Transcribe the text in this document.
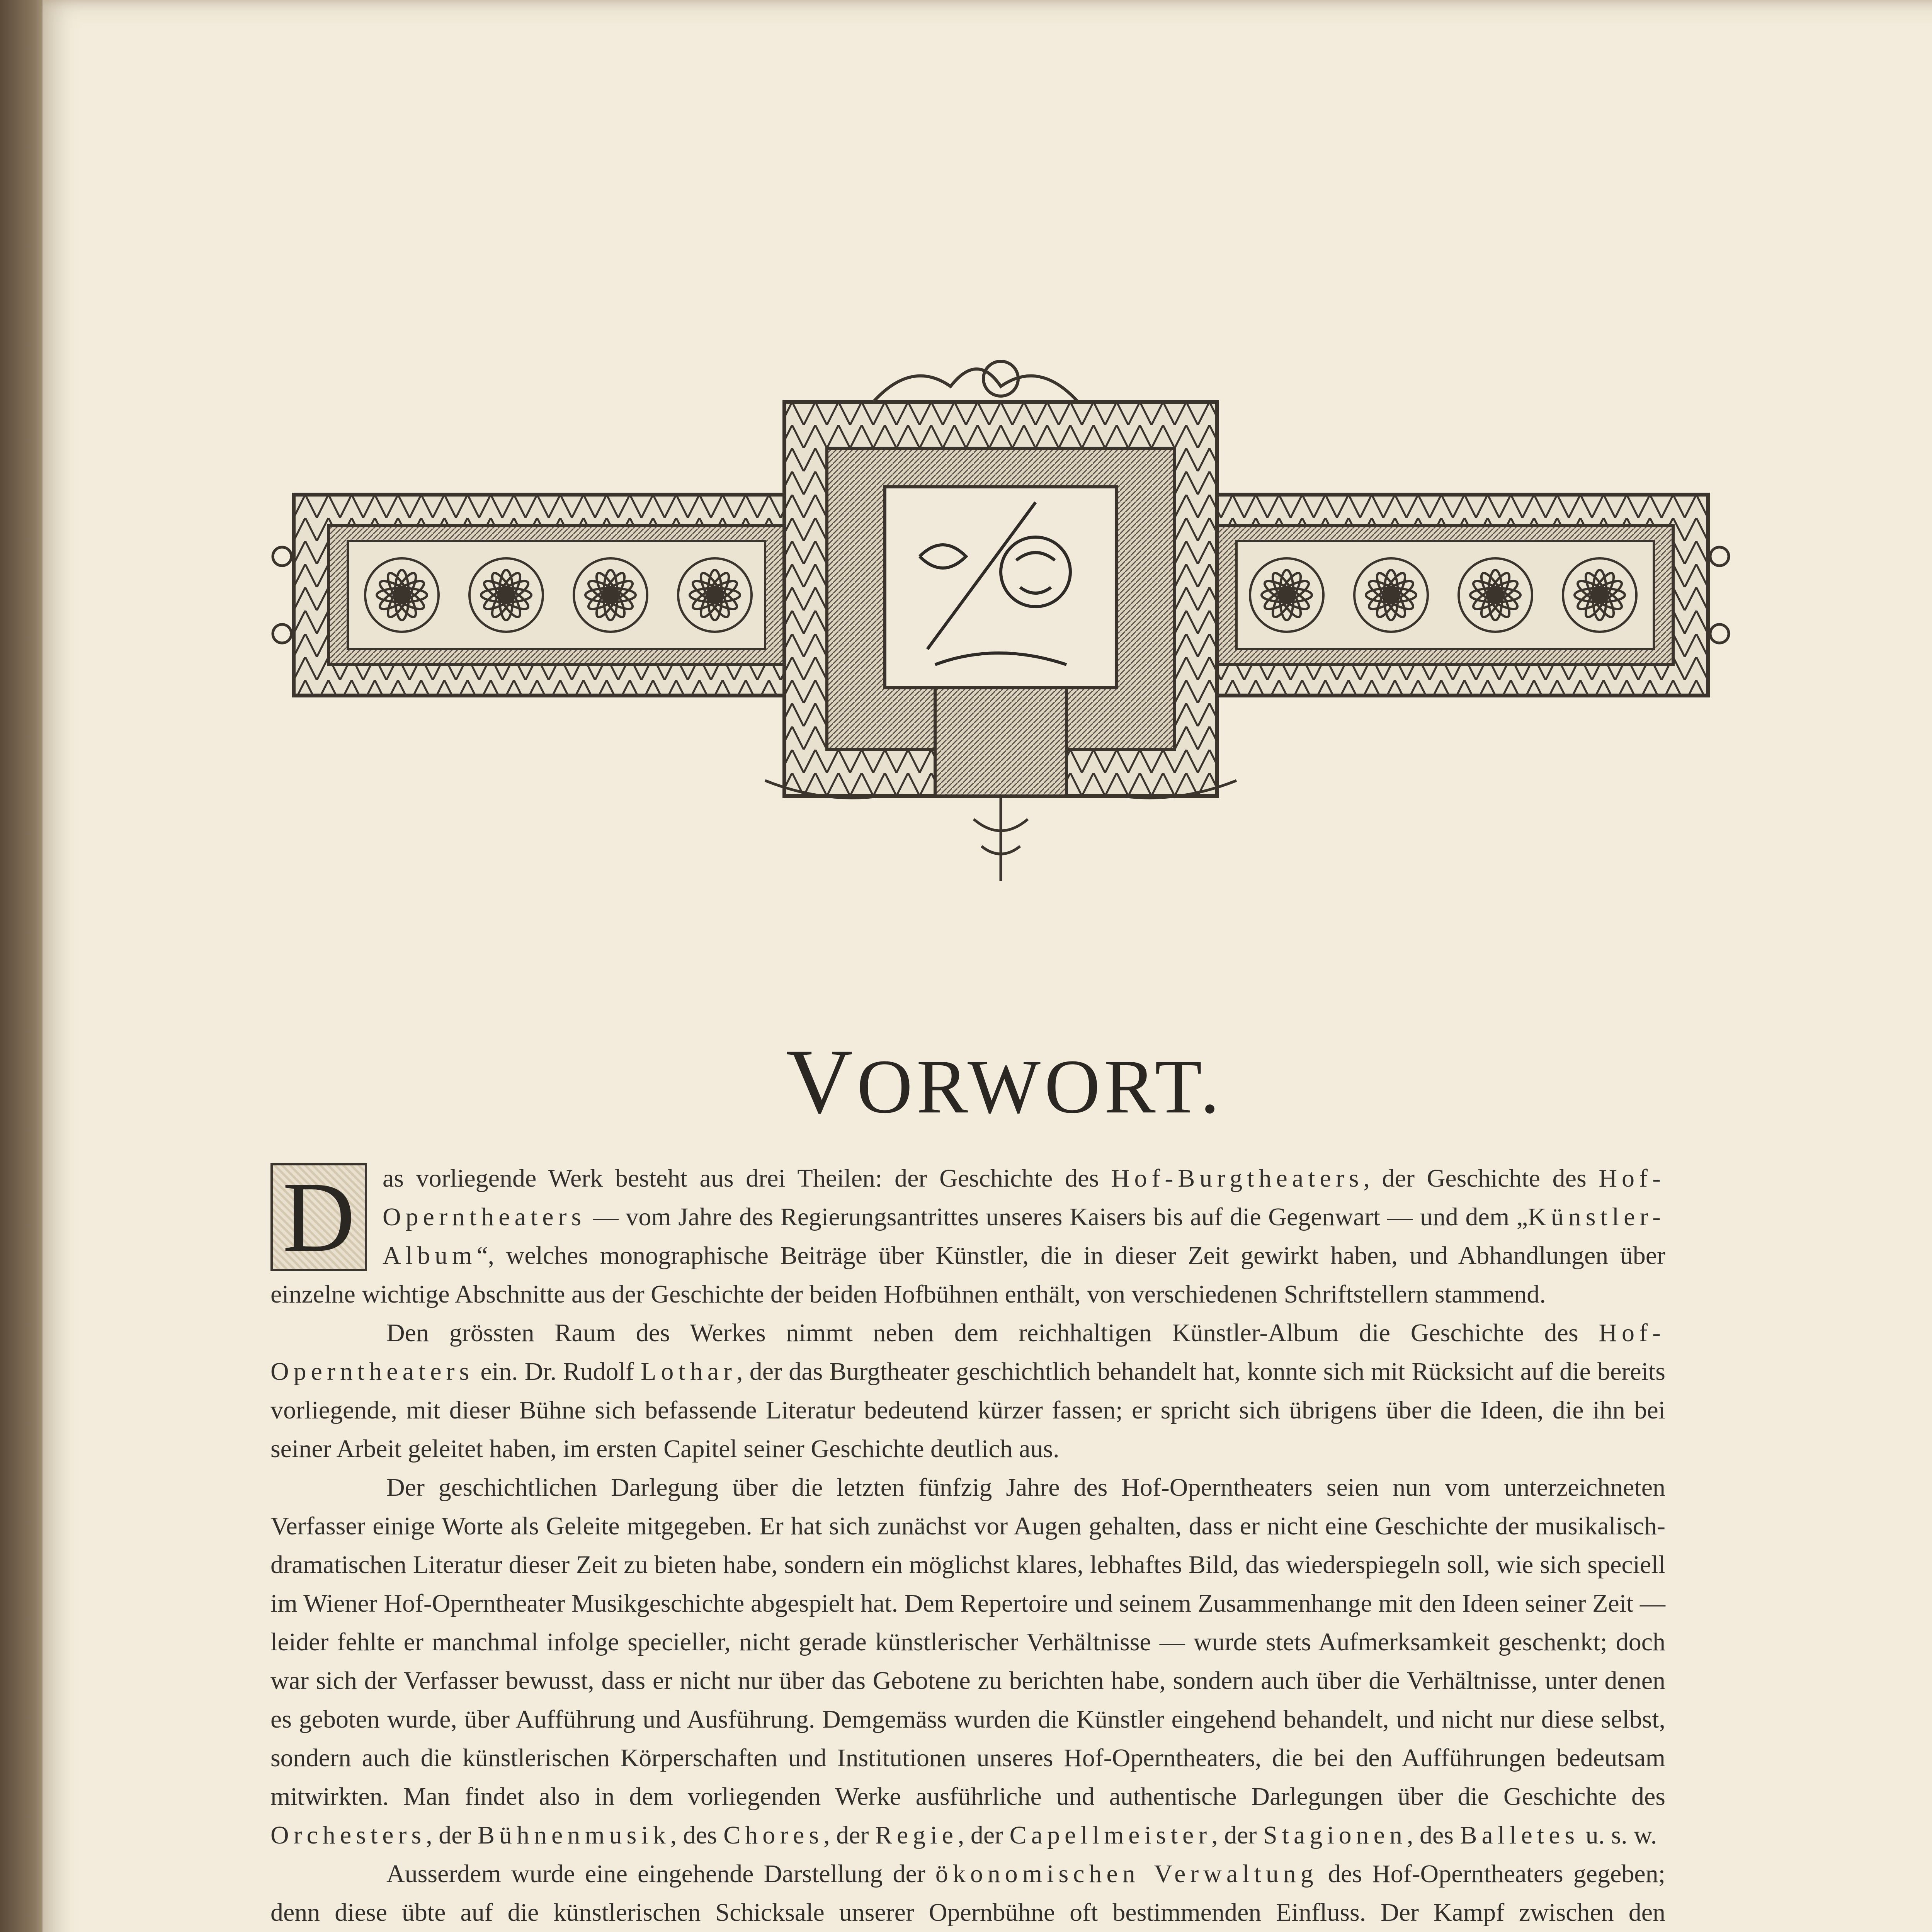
VORWORT.

D	as vorliegende Werk besteht aus drei Theilen: der Geschichte des Hof-Burgtheaters, der Geschichte des Hof-Operntheaters — vom Jahre des Regierungsantrittes unseres Kaisers bis auf die Gegenwart — und dem „Künstler-Album“, welches monographische Beiträge über Künstler, die in dieser Zeit gewirkt haben, und Abhandlungen über einzelne wichtige Abschnitte aus der Geschichte der beiden Hofbühnen enthält, von verschiedenen Schriftstellern stammend.

Den grössten Raum des Werkes nimmt neben dem reichhaltigen Künstler-Album die Geschichte des Hof-Operntheaters ein. Dr. Rudolf Lothar, der das Burgtheater geschichtlich behandelt hat, konnte sich mit Rücksicht auf die bereits vorliegende, mit dieser Bühne sich befassende Literatur bedeutend kürzer fassen; er spricht sich übrigens über die Ideen, die ihn bei seiner Arbeit geleitet haben, im ersten Capitel seiner Geschichte deutlich aus.

Der geschichtlichen Darlegung über die letzten fünfzig Jahre des Hof-Operntheaters seien nun vom unterzeichneten Verfasser einige Worte als Geleite mitgegeben. Er hat sich zunächst vor Augen gehalten, dass er nicht eine Geschichte der musikalisch-dramatischen Literatur dieser Zeit zu bieten habe, sondern ein möglichst klares, lebhaftes Bild, das wiederspiegeln soll, wie sich speciell im Wiener Hof-Operntheater Musikgeschichte abgespielt hat. Dem Repertoire und seinem Zusammenhange mit den Ideen seiner Zeit — leider fehlte er manchmal infolge specieller, nicht gerade künstlerischer Verhältnisse — wurde stets Aufmerksamkeit geschenkt; doch war sich der Verfasser bewusst, dass er nicht nur über das Gebotene zu berichten habe, sondern auch über die Verhältnisse, unter denen es geboten wurde, über Aufführung und Ausführung. Demgemäss wurden die Künstler eingehend behandelt, und nicht nur diese selbst, sondern auch die künstlerischen Körperschaften und Institutionen unseres Hof-Operntheaters, die bei den Aufführungen bedeutsam mitwirkten. Man findet also in dem vorliegenden Werke ausführliche und authentische Darlegungen über die Geschichte des Orchesters, der Bühnenmusik, des Chores, der Regie, der Capellmeister, der Stagionen, des Balletes u. s. w.

Ausserdem wurde eine eingehende Darstellung der ökonomischen Verwaltung des Hof-Operntheaters gegeben; denn diese übte auf die künstlerischen Schicksale unserer Opernbühne oft bestimmenden Einfluss. Der Kampf zwischen den
